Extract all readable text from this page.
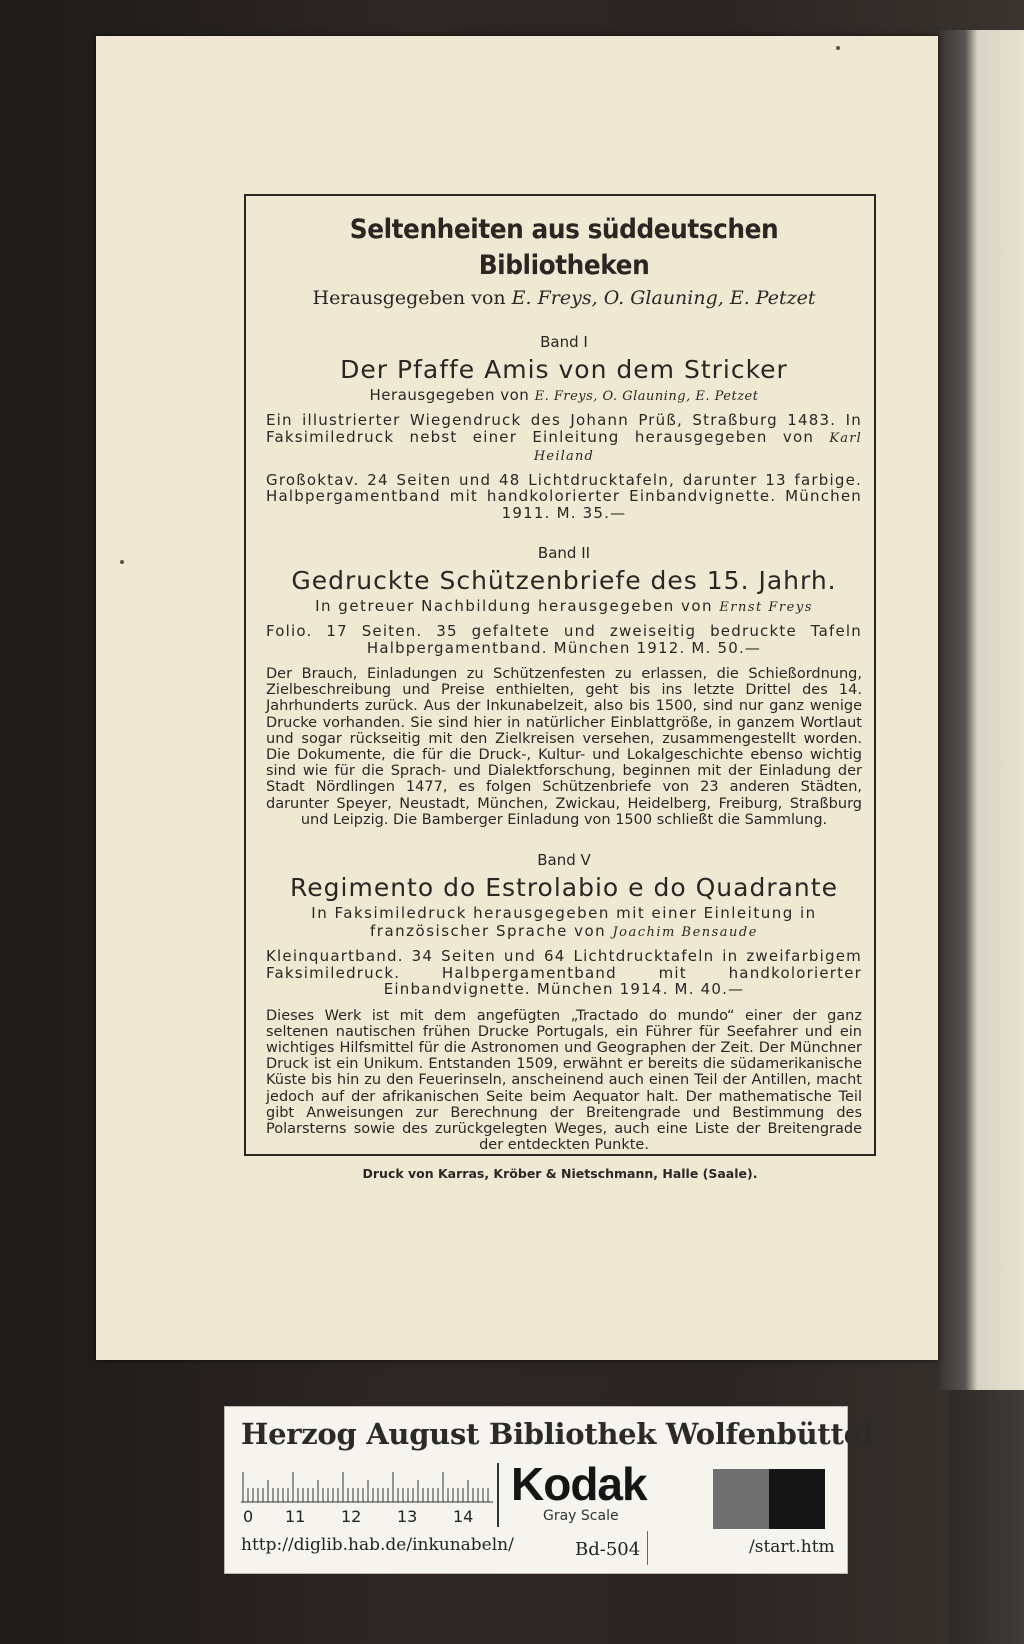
Seltenheiten aus süddeutschen Bibliotheken
Herausgegeben von E. Freys, O. Glauning, E. Petzet
Band I
Der Pfaffe Amis von dem Stricker
Herausgegeben von E. Freys, O. Glauning, E. Petzet
Ein illustrierter Wiegendruck des Johann Prüß, Straßburg 1483. In Faksimiledruck nebst einer Einleitung herausgegeben von Karl Heiland
Großoktav. 24 Seiten und 48 Lichtdrucktafeln, darunter 13 farbige. Halbpergamentband mit handkolorierter Einbandvignette. München 1911. M. 35.—
Band II
Gedruckte Schützenbriefe des 15. Jahrh.
In getreuer Nachbildung herausgegeben von Ernst Freys
Folio. 17 Seiten. 35 gefaltete und zweiseitig bedruckte Tafeln Halbpergamentband. München 1912. M. 50.—
Der Brauch, Einladungen zu Schützenfesten zu erlassen, die Schießordnung, Zielbeschreibung und Preise enthielten, geht bis ins letzte Drittel des 14. Jahrhunderts zurück. Aus der Inkunabelzeit, also bis 1500, sind nur ganz wenige Drucke vorhanden. Sie sind hier in natürlicher Einblattgröße, in ganzem Wortlaut und sogar rückseitig mit den Zielkreisen versehen, zusammengestellt worden. Die Dokumente, die für die Druck-, Kultur- und Lokalgeschichte ebenso wichtig sind wie für die Sprach- und Dialektforschung, beginnen mit der Einladung der Stadt Nördlingen 1477, es folgen Schützenbriefe von 23 anderen Städten, darunter Speyer, Neustadt, München, Zwickau, Heidelberg, Freiburg, Straßburg und Leipzig. Die Bamberger Einladung von 1500 schließt die Sammlung.
Band V
Regimento do Estrolabio e do Quadrante
In Faksimiledruck herausgegeben mit einer Einleitung in französischer Sprache von Joachim Bensaude
Kleinquartband. 34 Seiten und 64 Lichtdrucktafeln in zweifarbigem Faksimiledruck. Halbpergamentband mit handkolorierter Einbandvignette. München 1914. M. 40.—
Dieses Werk ist mit dem angefügten „Tractado do mundo“ einer der ganz seltenen nautischen frühen Drucke Portugals, ein Führer für Seefahrer und ein wichtiges Hilfsmittel für die Astronomen und Geographen der Zeit. Der Münchner Druck ist ein Unikum. Entstanden 1509, erwähnt er bereits die südamerikanische Küste bis hin zu den Feuerinseln, anscheinend auch einen Teil der Antillen, macht jedoch auf der afrikanischen Seite beim Aequator halt. Der mathematische Teil gibt Anweisungen zur Berechnung der Breitengrade und Bestimmung des Polarsterns sowie des zurückgelegten Weges, auch eine Liste der Breitengrade der entdeckten Punkte.
Druck von Karras, Kröber & Nietschmann, Halle (Saale).
Herzog August Bibliothek Wolfenbüttel
0 11 12 13 14
Kodak
Gray Scale
http://diglib.hab.de/inkunabeln/	Bd-504	/start.htm
